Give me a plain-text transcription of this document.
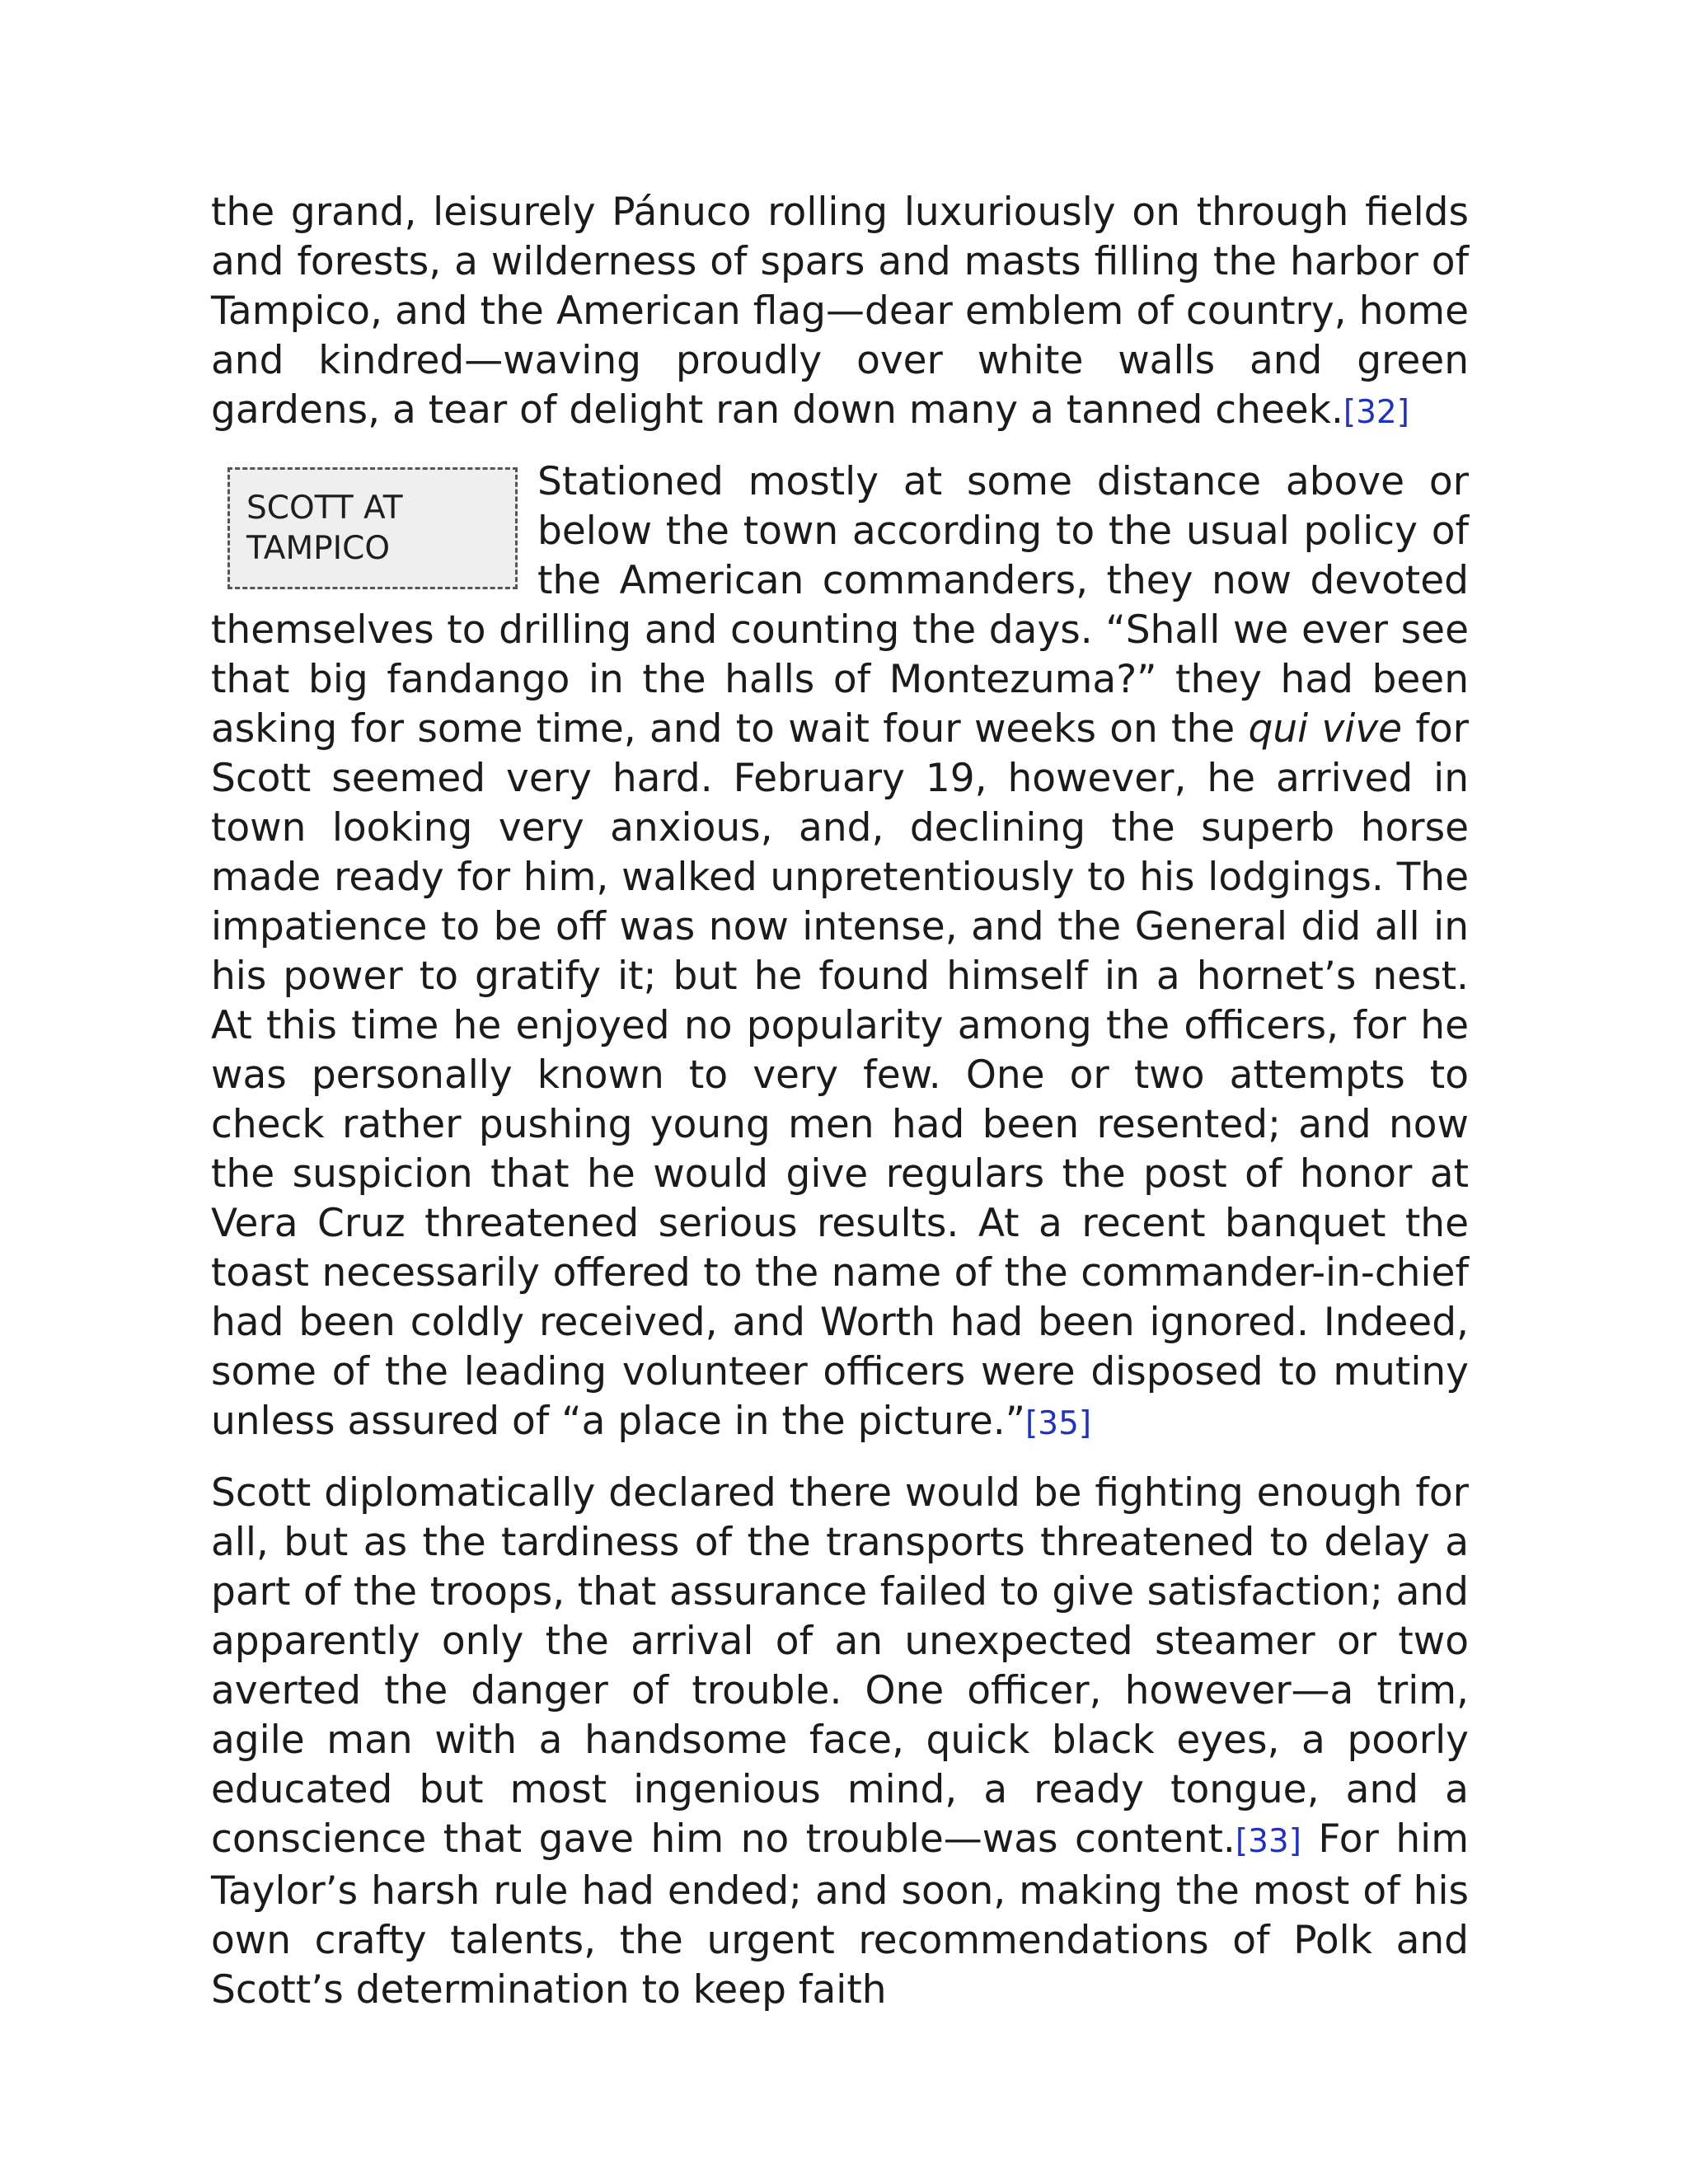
the grand, leisurely Pánuco rolling luxuriously on through fields and forests, a wilderness of spars and masts filling the harbor of Tampico, and the American flag—dear emblem of country, home and kindred—waving proudly over white walls and green gardens, a tear of delight ran down many a tanned cheek.[32]

SCOTT AT TAMPICO
Stationed mostly at some distance above or below the town according to the usual policy of the American commanders, they now devoted themselves to drilling and counting the days. “Shall we ever see that big fandango in the halls of Montezuma?” they had been asking for some time, and to wait four weeks on the qui vive for Scott seemed very hard. February 19, however, he arrived in town looking very anxious, and, declining the superb horse made ready for him, walked unpretentiously to his lodgings. The impatience to be off was now intense, and the General did all in his power to gratify it; but he found himself in a hornet’s nest. At this time he enjoyed no popularity among the officers, for he was personally known to very few. One or two attempts to check rather pushing young men had been resented; and now the suspicion that he would give regulars the post of honor at Vera Cruz threatened serious results. At a recent banquet the toast necessarily offered to the name of the commander-in-chief had been coldly received, and Worth had been ignored. Indeed, some of the leading volunteer officers were disposed to mutiny unless assured of “a place in the picture.”[35]

Scott diplomatically declared there would be fighting enough for all, but as the tardiness of the transports threatened to delay a part of the troops, that assurance failed to give satisfaction; and apparently only the arrival of an unexpected steamer or two averted the danger of trouble. One officer, however—a trim, agile man with a handsome face, quick black eyes, a poorly educated but most ingenious mind, a ready tongue, and a conscience that gave him no trouble—was content.[33] For him Taylor’s harsh rule had ended; and soon, making the most of his own crafty talents, the urgent recommendations of Polk and Scott’s determination to keep faith
